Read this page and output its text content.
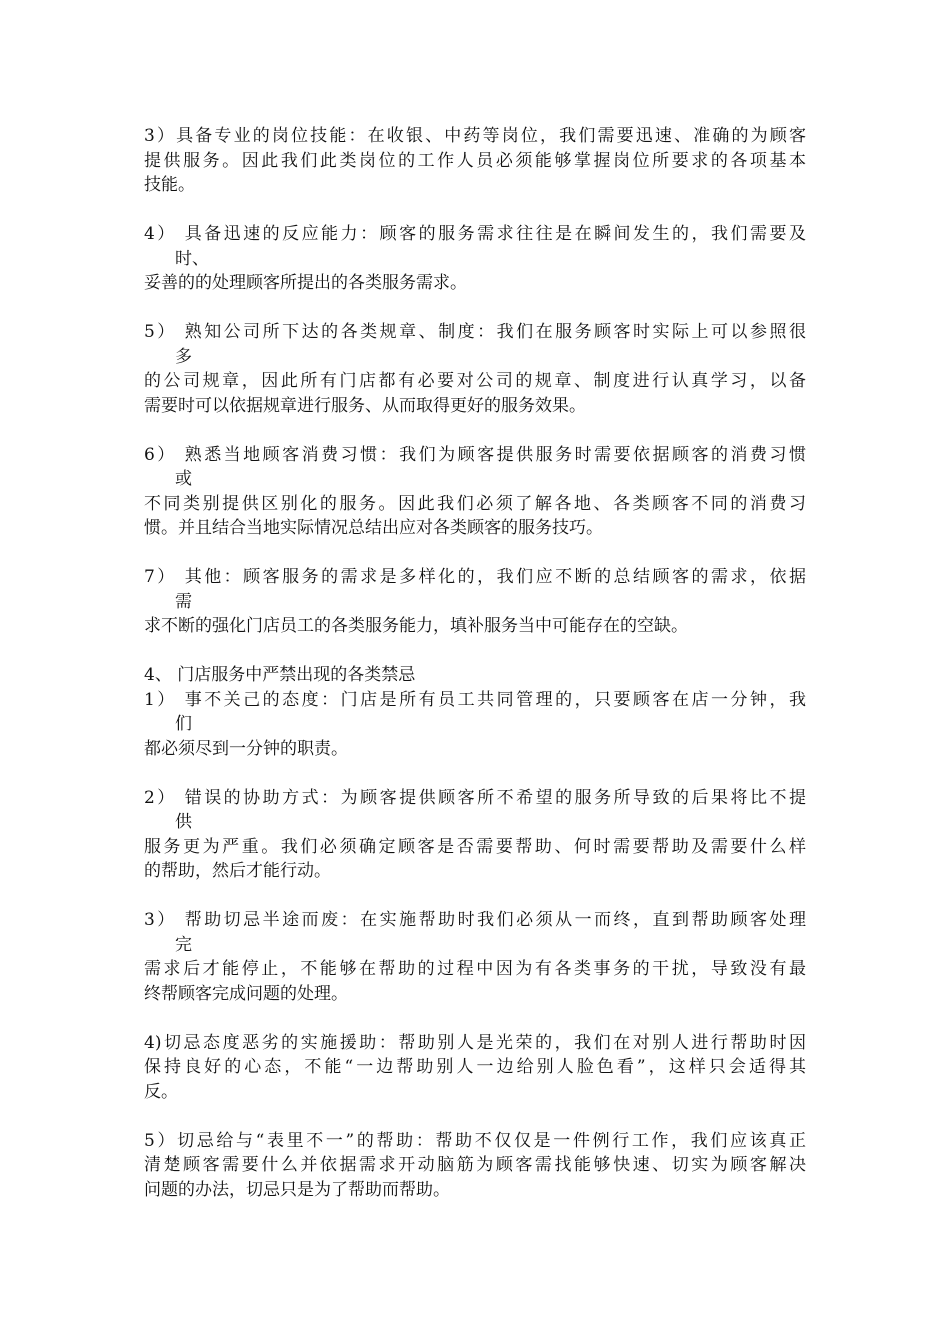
3）具备专业的岗位技能：在收银、中药等岗位，我们需要迅速、准确的为顾客
提供服务。因此我们此类岗位的工作人员必须能够掌握岗位所要求的各项基本
技能。

4） 具备迅速的反应能力：顾客的服务需求往往是在瞬间发生的，我们需要及
时、
妥善的的处理顾客所提出的各类服务需求。

5） 熟知公司所下达的各类规章、制度：我们在服务顾客时实际上可以参照很
多
的公司规章，因此所有门店都有必要对公司的规章、制度进行认真学习，以备
需要时可以依据规章进行服务、从而取得更好的服务效果。

6） 熟悉当地顾客消费习惯：我们为顾客提供服务时需要依据顾客的消费习惯
或
不同类别提供区别化的服务。因此我们必须了解各地、各类顾客不同的消费习
惯。并且结合当地实际情况总结出应对各类顾客的服务技巧。

7） 其他：顾客服务的需求是多样化的，我们应不断的总结顾客的需求，依据
需
求不断的强化门店员工的各类服务能力，填补服务当中可能存在的空缺。

4、 门店服务中严禁出现的各类禁忌

1） 事不关己的态度：门店是所有员工共同管理的，只要顾客在店一分钟，我
们
都必须尽到一分钟的职责。

2） 错误的协助方式：为顾客提供顾客所不希望的服务所导致的后果将比不提
供
服务更为严重。我们必须确定顾客是否需要帮助、何时需要帮助及需要什么样
的帮助，然后才能行动。

3） 帮助切忌半途而废：在实施帮助时我们必须从一而终，直到帮助顾客处理
完
需求后才能停止，不能够在帮助的过程中因为有各类事务的干扰，导致没有最
终帮顾客完成问题的处理。

4)切忌态度恶劣的实施援助：帮助别人是光荣的，我们在对别人进行帮助时因
保持良好的心态，不能“一边帮助别人一边给别人脸色看”，这样只会适得其
反。

5）切忌给与“表里不一”的帮助：帮助不仅仅是一件例行工作，我们应该真正
清楚顾客需要什么并依据需求开动脑筋为顾客需找能够快速、切实为顾客解决
问题的办法，切忌只是为了帮助而帮助。
